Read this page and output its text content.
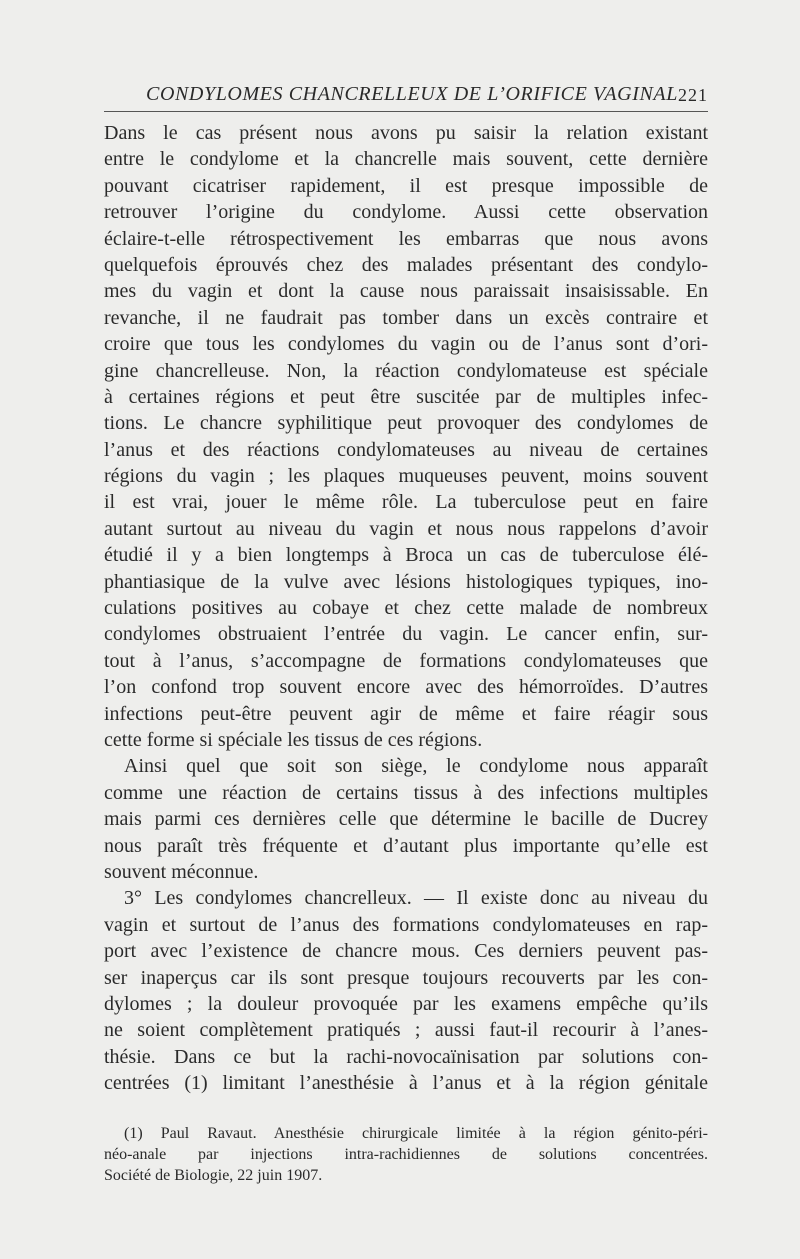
CONDYLOMES CHANCRELLEUX DE L’ORIFICE VAGINAL 221
Dans le cas présent nous avons pu saisir la relation existant
entre le condylome et la chancrelle mais souvent, cette dernière
pouvant cicatriser rapidement, il est presque impossible de
retrouver l’origine du condylome. Aussi cette observation
éclaire-t-elle rétrospectivement les embarras que nous avons
quelquefois éprouvés chez des malades présentant des condylo-
mes du vagin et dont la cause nous paraissait insaisissable. En
revanche, il ne faudrait pas tomber dans un excès contraire et
croire que tous les condylomes du vagin ou de l’anus sont d’ori-
gine chancrelleuse. Non, la réaction condylomateuse est spéciale
à certaines régions et peut être suscitée par de multiples infec-
tions. Le chancre syphilitique peut provoquer des condylomes de
l’anus et des réactions condylomateuses au niveau de certaines
régions du vagin ; les plaques muqueuses peuvent, moins souvent
il est vrai, jouer le même rôle. La tuberculose peut en faire
autant surtout au niveau du vagin et nous nous rappelons d’avoir
étudié il y a bien longtemps à Broca un cas de tuberculose élé-
phantiasique de la vulve avec lésions histologiques typiques, ino-
culations positives au cobaye et chez cette malade de nombreux
condylomes obstruaient l’entrée du vagin. Le cancer enfin, sur-
tout à l’anus, s’accompagne de formations condylomateuses que
l’on confond trop souvent encore avec des hémorroïdes. D’autres
infections peut-être peuvent agir de même et faire réagir sous
cette forme si spéciale les tissus de ces régions.
Ainsi quel que soit son siège, le condylome nous apparaît
comme une réaction de certains tissus à des infections multiples
mais parmi ces dernières celle que détermine le bacille de Ducrey
nous paraît très fréquente et d’autant plus importante qu’elle est
souvent méconnue.
3° Les condylomes chancrelleux. — Il existe donc au niveau du
vagin et surtout de l’anus des formations condylomateuses en rap-
port avec l’existence de chancre mous. Ces derniers peuvent pas-
ser inaperçus car ils sont presque toujours recouverts par les con-
dylomes ; la douleur provoquée par les examens empêche qu’ils
ne soient complètement pratiqués ; aussi faut-il recourir à l’anes-
thésie. Dans ce but la rachi-novocaïnisation par solutions con-
centrées (1) limitant l’anesthésie à l’anus et à la région génitale
(1) Paul Ravaut. Anesthésie chirurgicale limitée à la région génito-péri-
néo-anale par injections intra-rachidiennes de solutions concentrées.
Société de Biologie, 22 juin 1907.
